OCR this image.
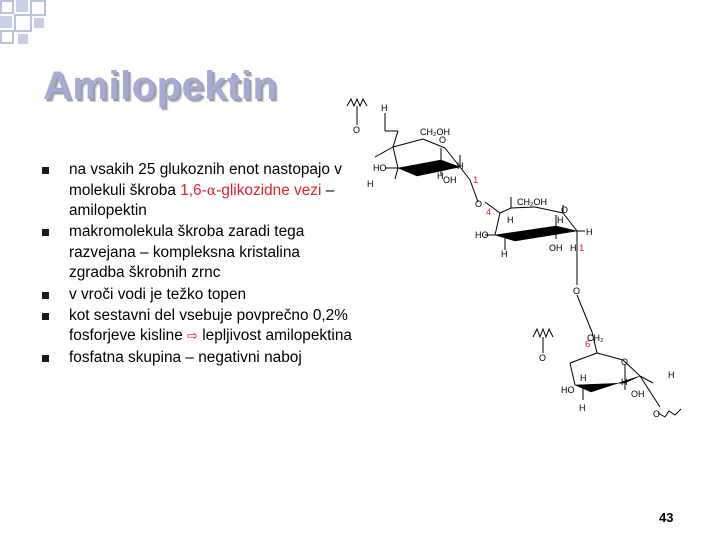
Amilopektin
na vsakih 25 glukoznih enot nastopajo v molekuli škroba 1,6-α-glikozidne vezi – amilopektin
makromolekula škroba zaradi tega razvejana – kompleksna kristalina zgradba škrobnih zrnc
v vroči vodi je težko topen
kot sestavni del vsebuje povprečno 0,2% fosforjeve kisline ⇨ lepljivost amilopektina
fosfatna skupina – negativni naboj
H
O	CH₂OH
O
HO
H OH
H
1
H
O
4
CH₂OH
O
HO
H	H
H
H
OH H 1
O
CH₂
6
O	O
H
HO
H	H
OH
H
O
43
